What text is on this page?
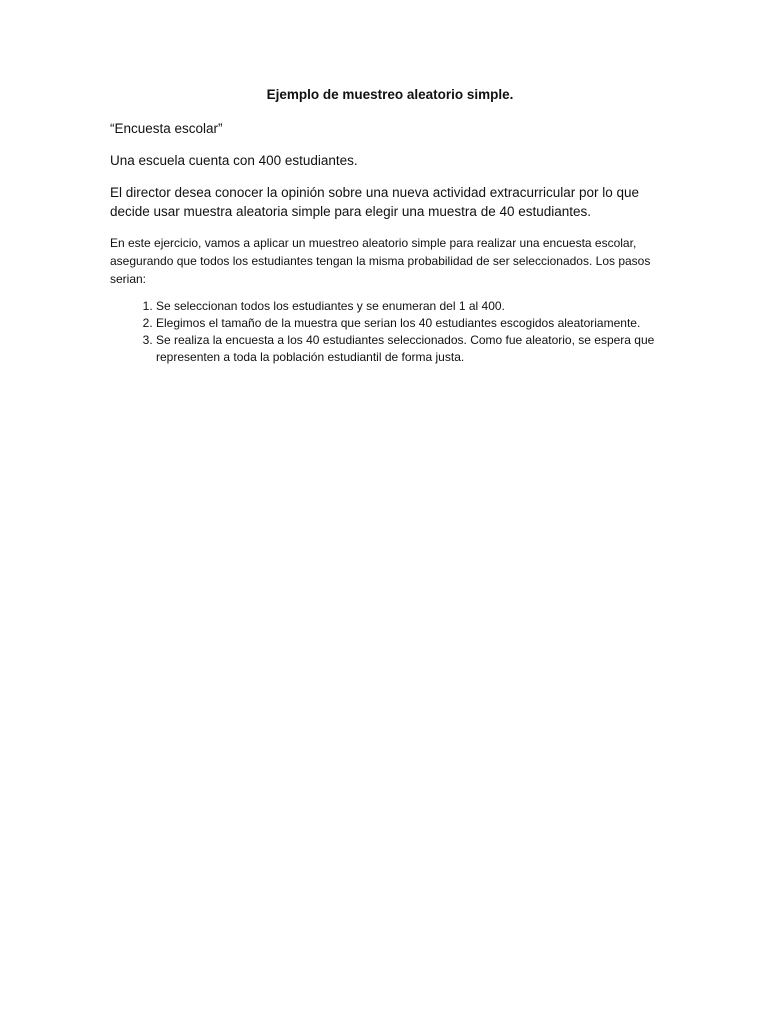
Ejemplo de muestreo aleatorio simple.

“Encuesta escolar”

Una escuela cuenta con 400 estudiantes.

El director desea conocer la opinión sobre una nueva actividad extracurricular por lo que decide usar muestra aleatoria simple para elegir una muestra de 40 estudiantes.

En este ejercicio, vamos a aplicar un muestreo aleatorio simple para realizar una encuesta escolar, asegurando que todos los estudiantes tengan la misma probabilidad de ser seleccionados. Los pasos serian:

1. Se seleccionan todos los estudiantes y se enumeran del 1 al 400.
2. Elegimos el tamaño de la muestra que serian los 40 estudiantes escogidos aleatoriamente.
3. Se realiza la encuesta a los 40 estudiantes seleccionados. Como fue aleatorio, se espera que representen a toda la población estudiantil de forma justa.
